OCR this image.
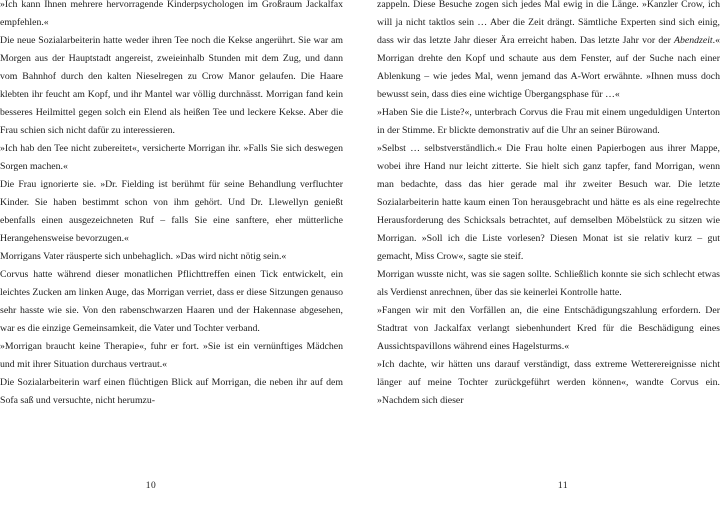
»Ich kann Ihnen mehrere hervorragende Kinderpsychologen im Großraum Jackalfax empfehlen.«

Die neue Sozialarbeiterin hatte weder ihren Tee noch die Kekse angerührt. Sie war am Morgen aus der Hauptstadt angereist, zweieinhalb Stunden mit dem Zug, und dann vom Bahnhof durch den kalten Nieselregen zu Crow Manor gelaufen. Die Haare klebten ihr feucht am Kopf, und ihr Mantel war völlig durchnässt. Morrigan fand kein besseres Heilmittel gegen solch ein Elend als heißen Tee und leckere Kekse. Aber die Frau schien sich nicht dafür zu interessieren.

»Ich hab den Tee nicht zubereitet«, versicherte Morrigan ihr. »Falls Sie sich deswegen Sorgen machen.«

Die Frau ignorierte sie. »Dr. Fielding ist berühmt für seine Behandlung verfluchter Kinder. Sie haben bestimmt schon von ihm gehört. Und Dr. Llewellyn genießt ebenfalls einen ausgezeichneten Ruf – falls Sie eine sanftere, eher mütterliche Herangehensweise bevorzugen.«

Morrigans Vater räusperte sich unbehaglich. »Das wird nicht nötig sein.«

Corvus hatte während dieser monatlichen Pflichttreffen einen Tick entwickelt, ein leichtes Zucken am linken Auge, das Morrigan verriet, dass er diese Sitzungen genauso sehr hasste wie sie. Von den rabenschwarzen Haaren und der Hakennase abgesehen, war es die einzige Gemeinsamkeit, die Vater und Tochter verband.

»Morrigan braucht keine Therapie«, fuhr er fort. »Sie ist ein vernünftiges Mädchen und mit ihrer Situation durchaus vertraut.«

Die Sozialarbeiterin warf einen flüchtigen Blick auf Morrigan, die neben ihr auf dem Sofa saß und versuchte, nicht herumzu-

10

zappeln. Diese Besuche zogen sich jedes Mal ewig in die Länge. »Kanzler Crow, ich will ja nicht taktlos sein … Aber die Zeit drängt. Sämtliche Experten sind sich einig, dass wir das letzte Jahr dieser Ära erreicht haben. Das letzte Jahr vor der Abendzeit.« Morrigan drehte den Kopf und schaute aus dem Fenster, auf der Suche nach einer Ablenkung – wie jedes Mal, wenn jemand das A-Wort erwähnte. »Ihnen muss doch bewusst sein, dass dies eine wichtige Übergangsphase für …«

»Haben Sie die Liste?«, unterbrach Corvus die Frau mit einem ungeduldigen Unterton in der Stimme. Er blickte demonstrativ auf die Uhr an seiner Bürowand.

»Selbst … selbstverständlich.« Die Frau holte einen Papierbogen aus ihrer Mappe, wobei ihre Hand nur leicht zitterte. Sie hielt sich ganz tapfer, fand Morrigan, wenn man bedachte, dass das hier gerade mal ihr zweiter Besuch war. Die letzte Sozialarbeiterin hatte kaum einen Ton herausgebracht und hätte es als eine regelrechte Herausforderung des Schicksals betrachtet, auf demselben Möbelstück zu sitzen wie Morrigan. »Soll ich die Liste vorlesen? Diesen Monat ist sie relativ kurz – gut gemacht, Miss Crow«, sagte sie steif.

Morrigan wusste nicht, was sie sagen sollte. Schließlich konnte sie sich schlecht etwas als Verdienst anrechnen, über das sie keinerlei Kontrolle hatte.

»Fangen wir mit den Vorfällen an, die eine Entschädigungszahlung erfordern. Der Stadtrat von Jackalfax verlangt siebenhundert Kred für die Beschädigung eines Aussichtspavillons während eines Hagelsturms.«

»Ich dachte, wir hätten uns darauf verständigt, dass extreme Wetterereignisse nicht länger auf meine Tochter zurückgeführt werden können«, wandte Corvus ein. »Nachdem sich dieser

11
